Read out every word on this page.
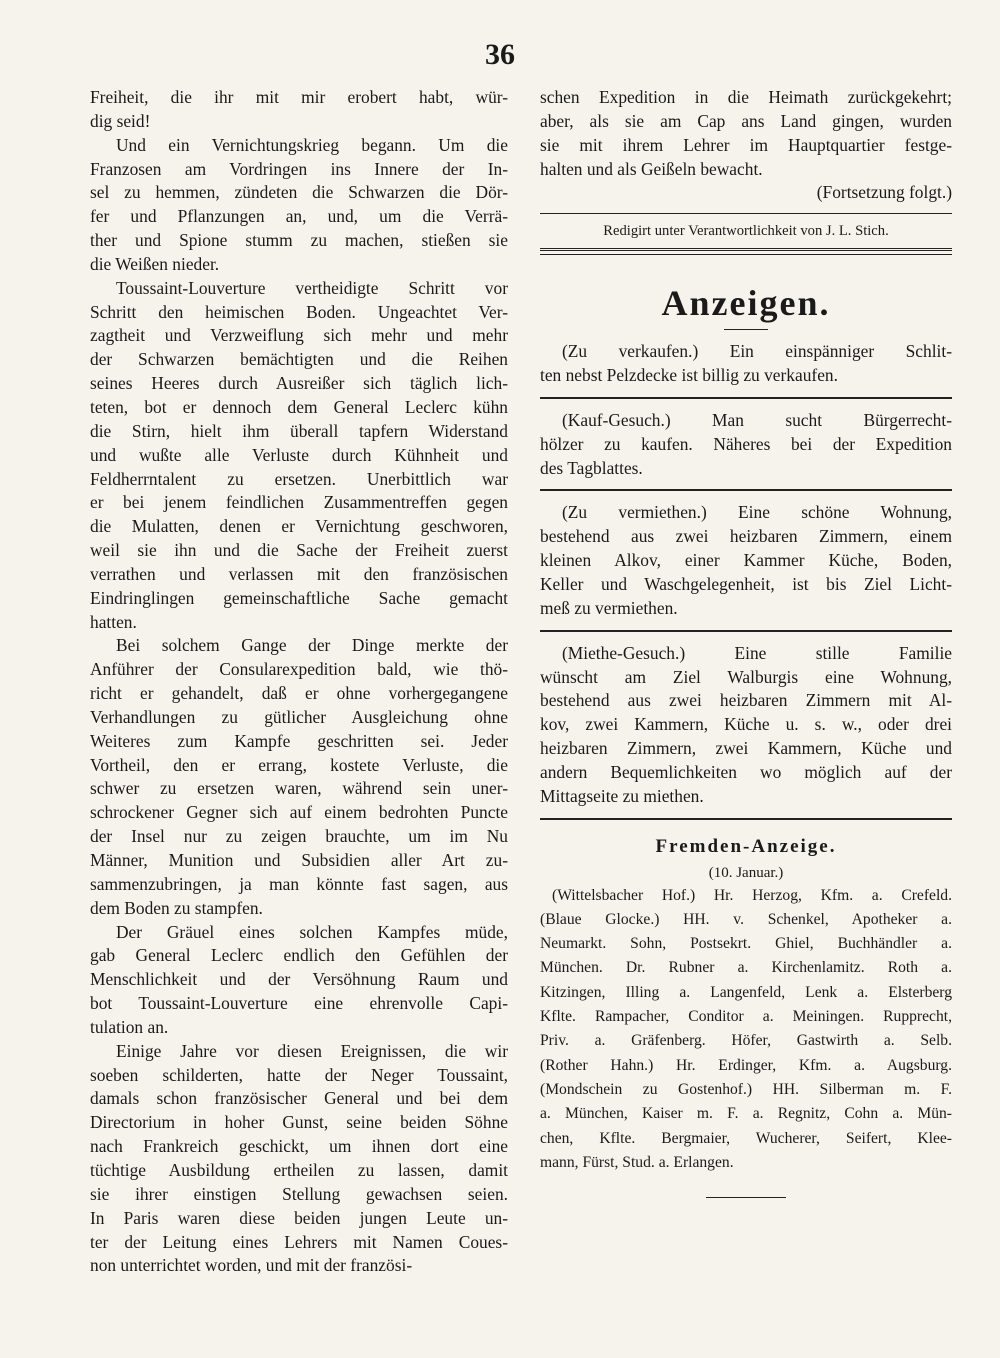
36
Freiheit, die ihr mit mir erobert habt, wür-
dig seid!
Und ein Vernichtungskrieg begann. Um die
Franzosen am Vordringen ins Innere der In-
sel zu hemmen, zündeten die Schwarzen die Dör-
fer und Pflanzungen an, und, um die Verrä-
ther und Spione stumm zu machen, stießen sie
die Weißen nieder.
Toussaint-Louverture vertheidigte Schritt vor
Schritt den heimischen Boden. Ungeachtet Ver-
zagtheit und Verzweiflung sich mehr und mehr
der Schwarzen bemächtigten und die Reihen
seines Heeres durch Ausreißer sich täglich lich-
teten, bot er dennoch dem General Leclerc kühn
die Stirn, hielt ihm überall tapfern Widerstand
und wußte alle Verluste durch Kühnheit und
Feldherrntalent zu ersetzen. Unerbittlich war
er bei jenem feindlichen Zusammentreffen gegen
die Mulatten, denen er Vernichtung geschworen,
weil sie ihn und die Sache der Freiheit zuerst
verrathen und verlassen mit den französischen
Eindringlingen gemeinschaftliche Sache gemacht
hatten.
Bei solchem Gange der Dinge merkte der
Anführer der Consularexpedition bald, wie thö-
richt er gehandelt, daß er ohne vorhergegangene
Verhandlungen zu gütlicher Ausgleichung ohne
Weiteres zum Kampfe geschritten sei. Jeder
Vortheil, den er errang, kostete Verluste, die
schwer zu ersetzen waren, während sein uner-
schrockener Gegner sich auf einem bedrohten Puncte
der Insel nur zu zeigen brauchte, um im Nu
Männer, Munition und Subsidien aller Art zu-
sammenzubringen, ja man könnte fast sagen, aus
dem Boden zu stampfen.
Der Gräuel eines solchen Kampfes müde,
gab General Leclerc endlich den Gefühlen der
Menschlichkeit und der Versöhnung Raum und
bot Toussaint-Louverture eine ehrenvolle Capi-
tulation an.
Einige Jahre vor diesen Ereignissen, die wir
soeben schilderten, hatte der Neger Toussaint,
damals schon französischer General und bei dem
Directorium in hoher Gunst, seine beiden Söhne
nach Frankreich geschickt, um ihnen dort eine
tüchtige Ausbildung ertheilen zu lassen, damit
sie ihrer einstigen Stellung gewachsen seien.
In Paris waren diese beiden jungen Leute un-
ter der Leitung eines Lehrers mit Namen Coues-
non unterrichtet worden, und mit der französi-
schen Expedition in die Heimath zurückgekehrt;
aber, als sie am Cap ans Land gingen, wurden
sie mit ihrem Lehrer im Hauptquartier festge-
halten und als Geißeln bewacht.

(Fortsetzung folgt.)

Redigirt unter Verantwortlichkeit von J. L. Stich.

Anzeigen.
(Zu verkaufen.) Ein einspänniger Schlit-
ten nebst Pelzdecke ist billig zu verkaufen.
(Kauf-Gesuch.) Man sucht Bürgerrecht-
hölzer zu kaufen. Näheres bei der Expedition
des Tagblattes.
(Zu vermiethen.) Eine schöne Wohnung,
bestehend aus zwei heizbaren Zimmern, einem
kleinen Alkov, einer Kammer Küche, Boden,
Keller und Waschgelegenheit, ist bis Ziel Licht-
meß zu vermiethen.
(Miethe-Gesuch.) Eine stille Familie
wünscht am Ziel Walburgis eine Wohnung,
bestehend aus zwei heizbaren Zimmern mit Al-
kov, zwei Kammern, Küche u. s. w., oder drei
heizbaren Zimmern, zwei Kammern, Küche und
andern Bequemlichkeiten wo möglich auf der
Mittagseite zu miethen.
Fremden-Anzeige.
(10. Januar.)
(Wittelsbacher Hof.) Hr. Herzog, Kfm. a. Crefeld.
(Blaue Glocke.) HH. v. Schenkel, Apotheker a.
Neumarkt. Sohn, Postsekrt. Ghiel, Buchhändler a.
München. Dr. Rubner a. Kirchenlamitz. Roth a.
Kitzingen, Illing a. Langenfeld, Lenk a. Elsterberg
Kflte. Rampacher, Conditor a. Meiningen. Rupprecht,
Priv. a. Gräfenberg. Höfer, Gastwirth a. Selb.
(Rother Hahn.) Hr. Erdinger, Kfm. a. Augsburg.
(Mondschein zu Gostenhof.) HH. Silberman m. F.
a. München, Kaiser m. F. a. Regnitz, Cohn a. Mün-
chen, Kflte. Bergmaier, Wucherer, Seifert, Klee-
mann, Fürst, Stud. a. Erlangen.
